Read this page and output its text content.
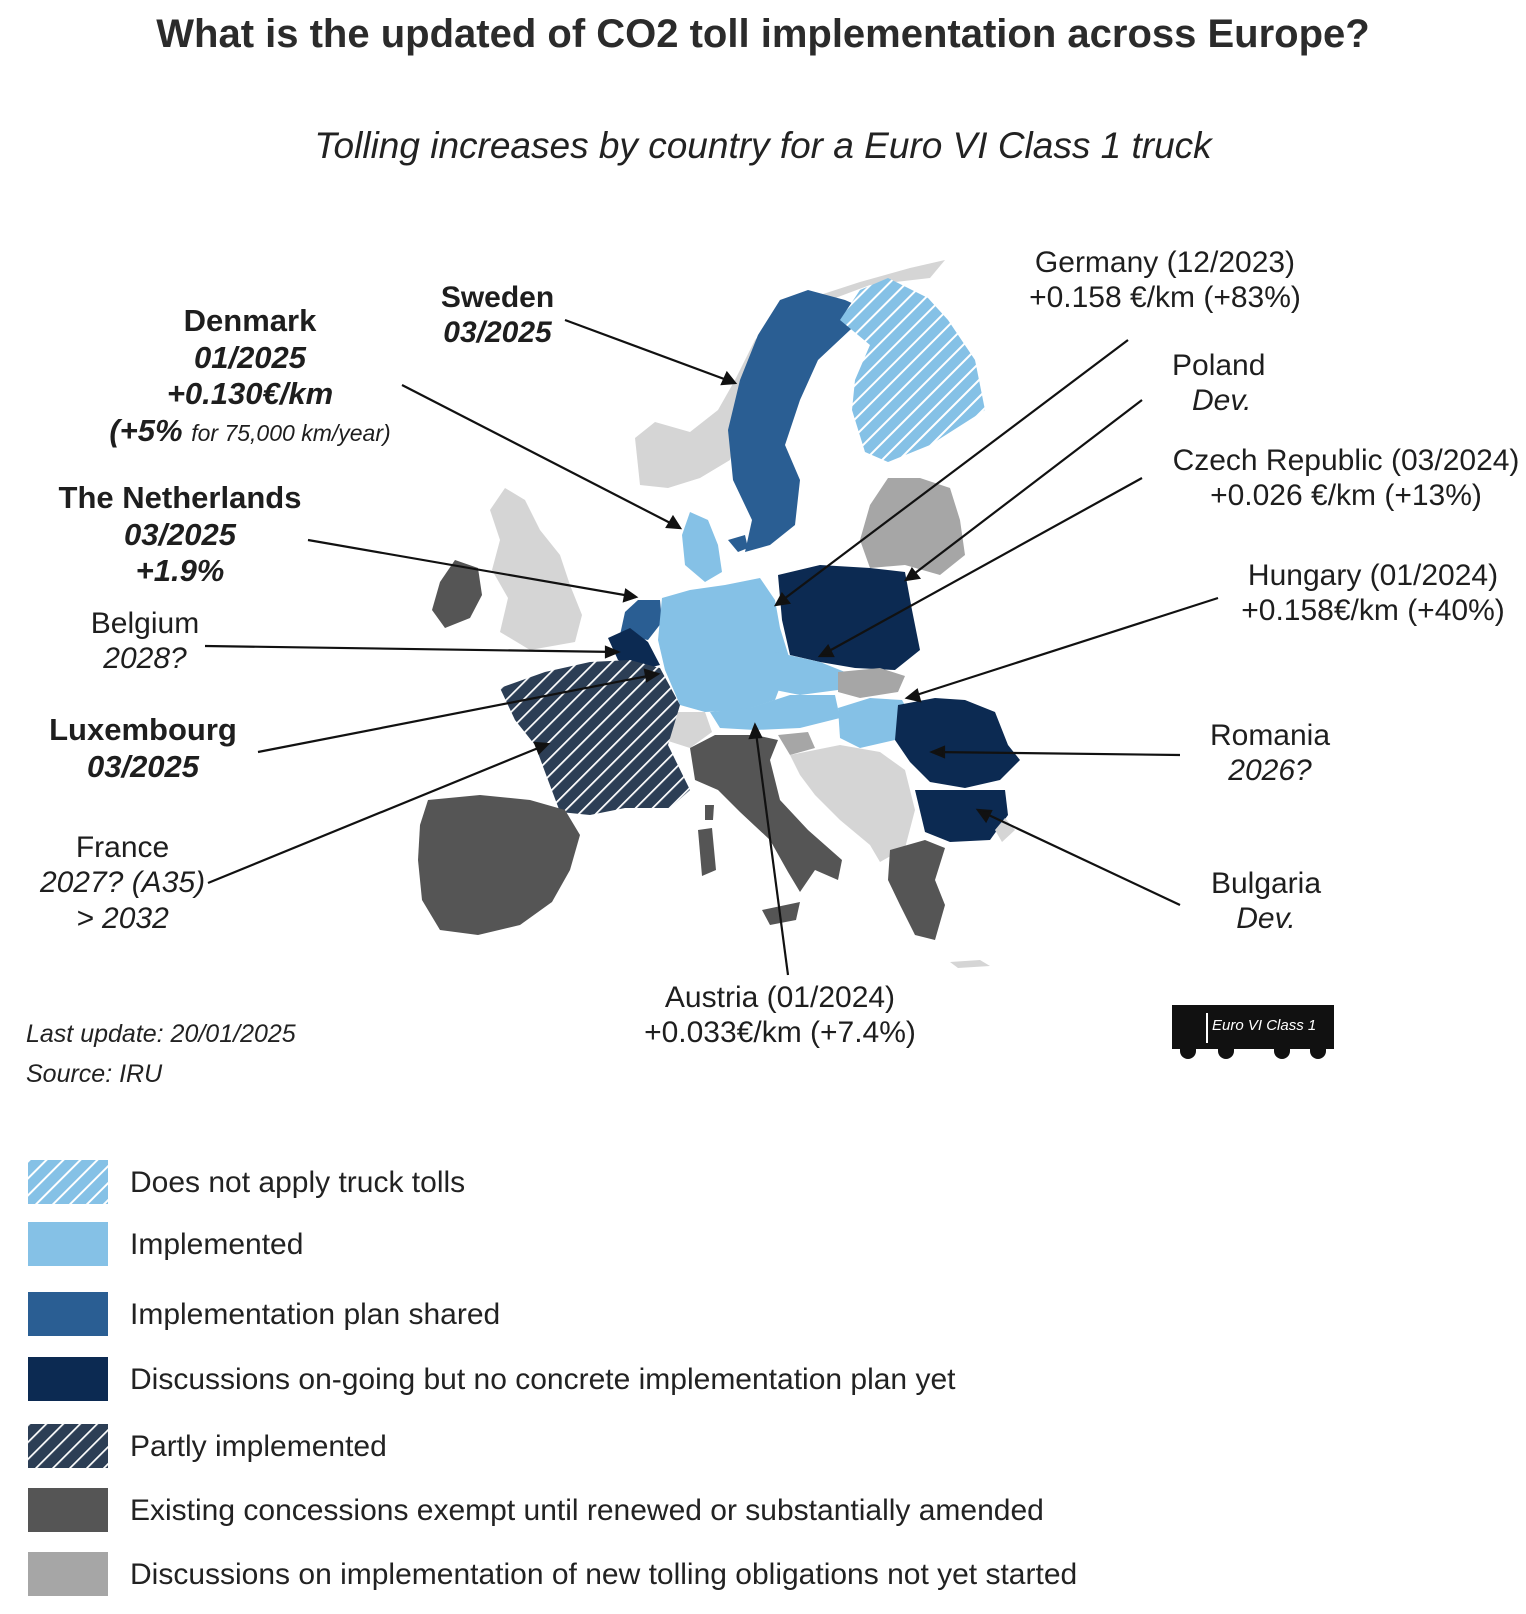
What is the updated of CO2 toll implementation across Europe?
Tolling increases by country for a Euro VI Class 1 truck
Sweden
03/2025
Denmark
01/2025
+0.130€/km
(+5% for 75,000 km/year)
The Netherlands
03/2025
+1.9%
Belgium
2028?
Luxembourg
03/2025
France
2027? (A35)
> 2032
Germany (12/2023)
+0.158 €/km (+83%)
Poland
Dev.
Czech Republic (03/2024)
+0.026 €/km (+13%)
Hungary (01/2024)
+0.158€/km (+40%)
Romania
2026?
Bulgaria
Dev.
Austria (01/2024)
+0.033€/km (+7.4%)
Last update: 20/01/2025
Source: IRU
Euro VI Class 1
Does not apply truck tolls
Implemented
Implementation plan shared
Discussions on-going but no concrete implementation plan yet
Partly implemented
Existing concessions exempt until renewed or substantially amended
Discussions on implementation of new tolling obligations not yet started
